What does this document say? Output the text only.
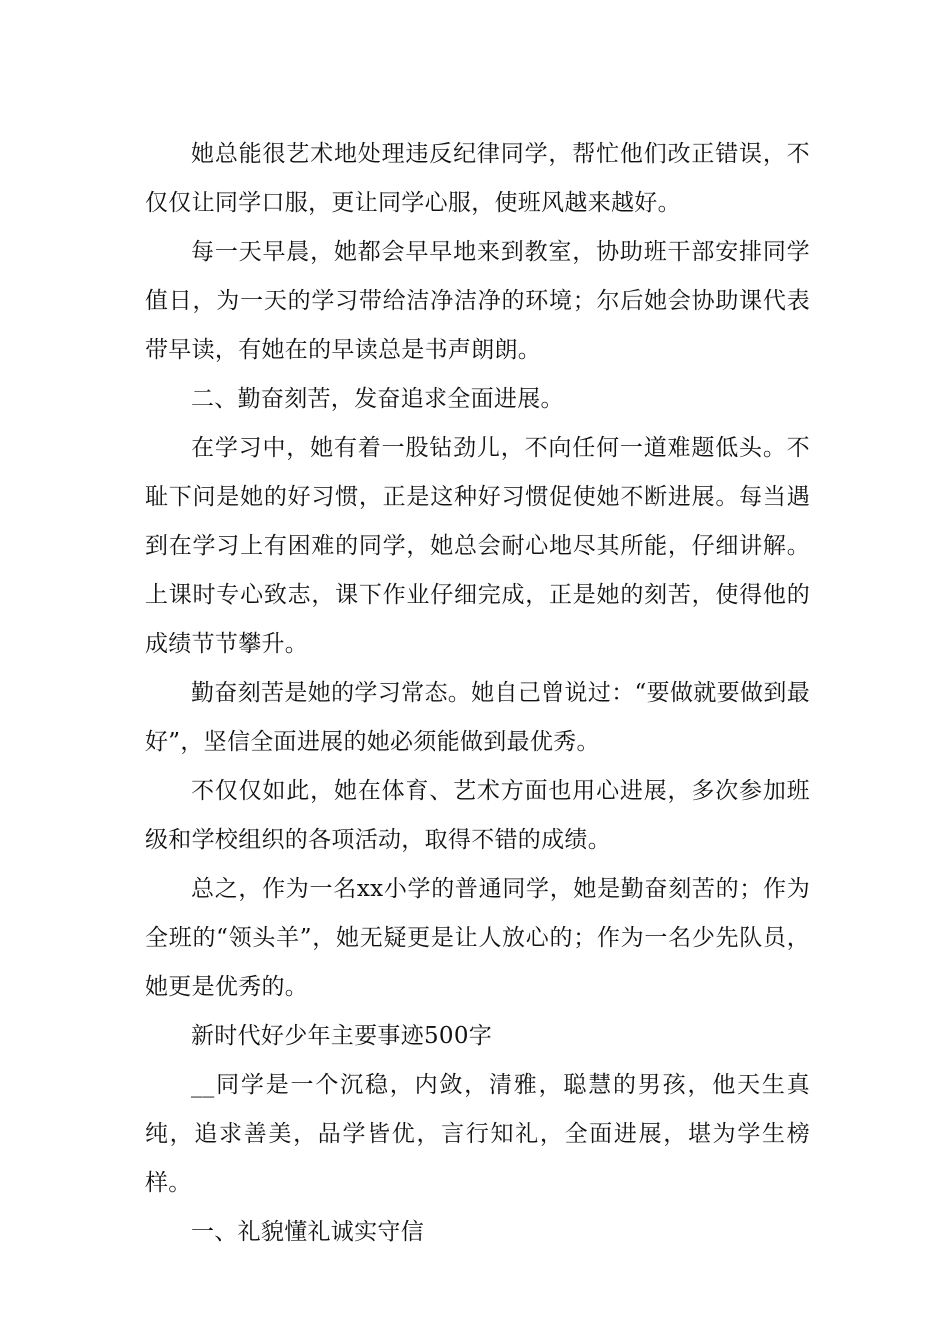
她总能很艺术地处理违反纪律同学，帮忙他们改正错误，不仅仅让同学口服，更让同学心服，使班风越来越好。

每一天早晨，她都会早早地来到教室，协助班干部安排同学值日，为一天的学习带给洁净洁净的环境；尔后她会协助课代表带早读，有她在的早读总是书声朗朗。

二、勤奋刻苦，发奋追求全面进展。

在学习中，她有着一股钻劲儿，不向任何一道难题低头。不耻下问是她的好习惯，正是这种好习惯促使她不断进展。每当遇到在学习上有困难的同学，她总会耐心地尽其所能，仔细讲解。上课时专心致志，课下作业仔细完成，正是她的刻苦，使得他的成绩节节攀升。

勤奋刻苦是她的学习常态。她自己曾说过：“要做就要做到最好”，坚信全面进展的她必须能做到最优秀。

不仅仅如此，她在体育、艺术方面也用心进展，多次参加班级和学校组织的各项活动，取得不错的成绩。

总之，作为一名xx小学的普通同学，她是勤奋刻苦的；作为全班的“领头羊”，她无疑更是让人放心的；作为一名少先队员，她更是优秀的。

新时代好少年主要事迹500字

__同学是一个沉稳，内敛，清雅，聪慧的男孩，他天生真纯，追求善美，品学皆优，言行知礼，全面进展，堪为学生榜样。

一、礼貌懂礼诚实守信
